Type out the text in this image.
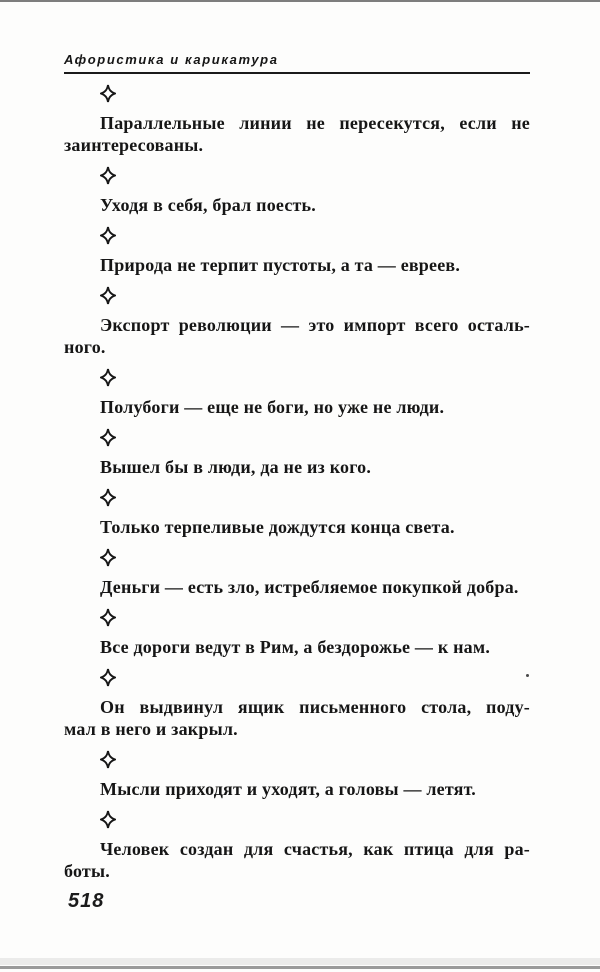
Афористика и карикатура

Параллельные линии не пересекутся, если не

заинтересованы.

Уходя в себя, брал поесть.

Природа не терпит пустоты, а та — евреев.

Экспорт революции — это импорт всего осталь-

ного.

Полубоги — еще не боги, но уже не люди.

Вышел бы в люди, да не из кого.

Только терпеливые дождутся конца света.

Деньги — есть зло, истребляемое покупкой добра.

Все дороги ведут в Рим, а бездорожье — к нам.

Он выдвинул ящик письменного стола, поду-

мал в него и закрыл.

Мысли приходят и уходят, а головы — летят.

Человек создан для счастья, как птица для ра-

боты.

518
